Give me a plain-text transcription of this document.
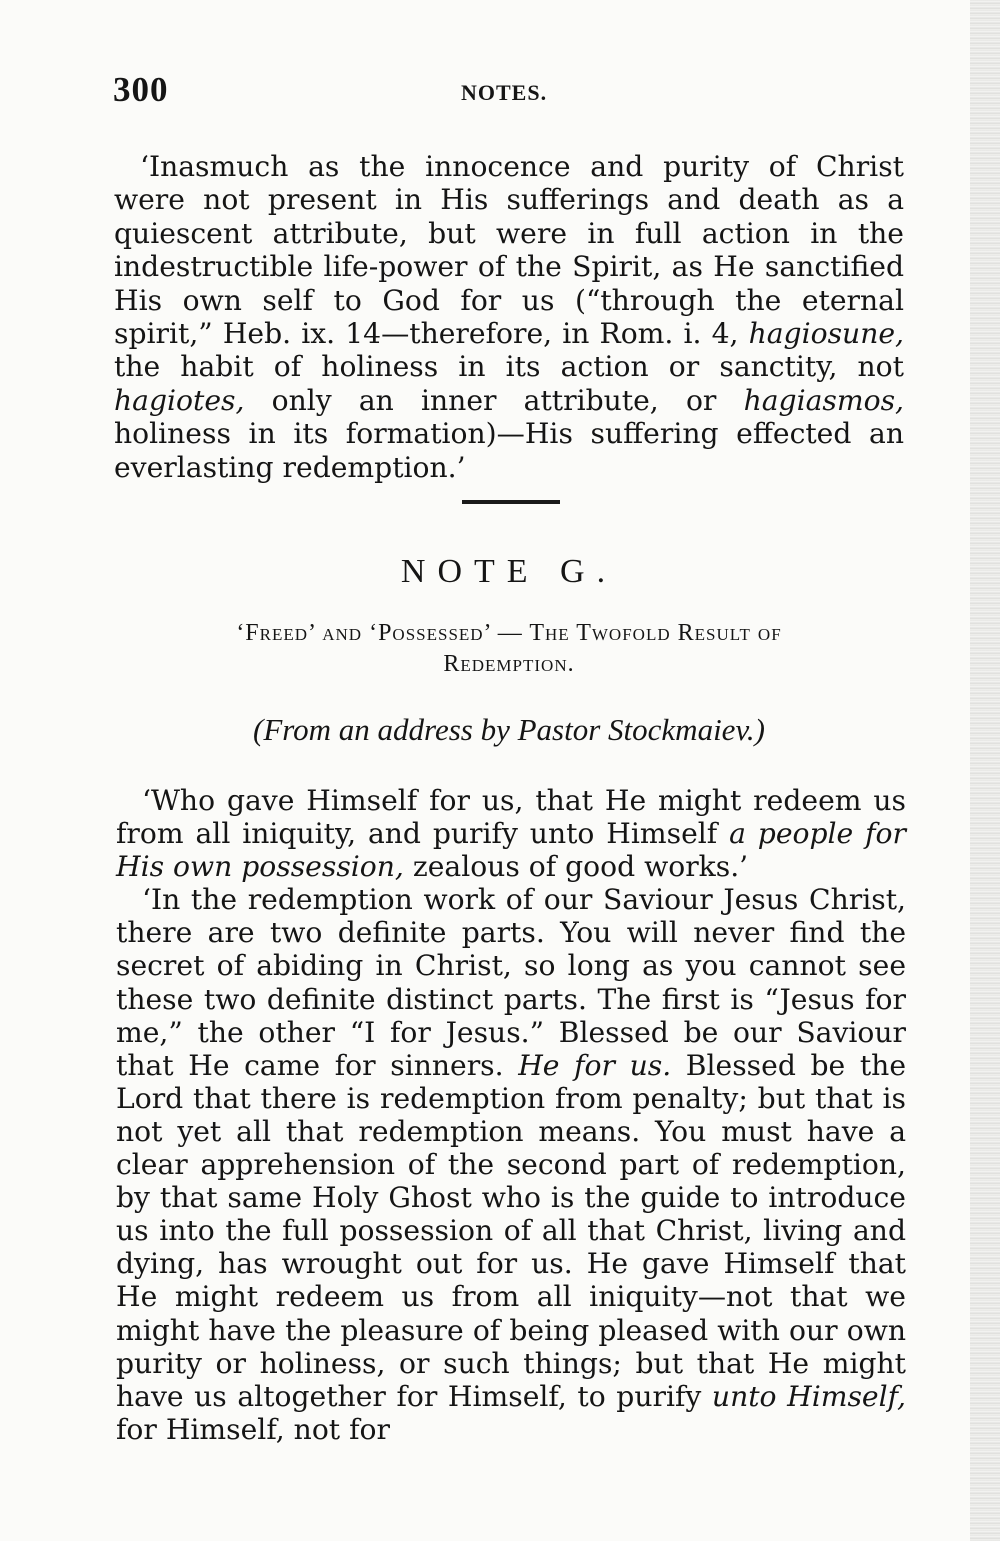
300	NOTES.

‘Inasmuch as the innocence and purity of Christ were not present in His sufferings and death as a quiescent attribute, but were in full action in the indestructible life-power of the Spirit, as He sanctified His own self to God for us (“through the eternal spirit,” Heb. ix. 14—therefore, in Rom. i. 4, hagiosune, the habit of holiness in its action or sanctity, not hagiotes, only an inner attribute, or hagiasmos, holiness in its formation)—His suffering effected an everlasting redemption.’

NOTE G.

‘Freed’ and ‘Possessed’ — The Twofold Result of

Redemption.

(From an address by Pastor Stockmaiev.)

‘Who gave Himself for us, that He might redeem us from all iniquity, and purify unto Himself a people for His own possession, zealous of good works.’

‘In the redemption work of our Saviour Jesus Christ, there are two definite parts. You will never find the secret of abiding in Christ, so long as you cannot see these two definite distinct parts. The first is “Jesus for me,” the other “I for Jesus.” Blessed be our Saviour that He came for sinners. He for us. Blessed be the Lord that there is redemption from penalty; but that is not yet all that redemption means. You must have a clear apprehension of the second part of redemption, by that same Holy Ghost who is the guide to introduce us into the full possession of all that Christ, living and dying, has wrought out for us. He gave Himself that He might redeem us from all iniquity—not that we might have the pleasure of being pleased with our own purity or holiness, or such things; but that He might have us altogether for Himself, to purify unto Himself, for Himself, not for
